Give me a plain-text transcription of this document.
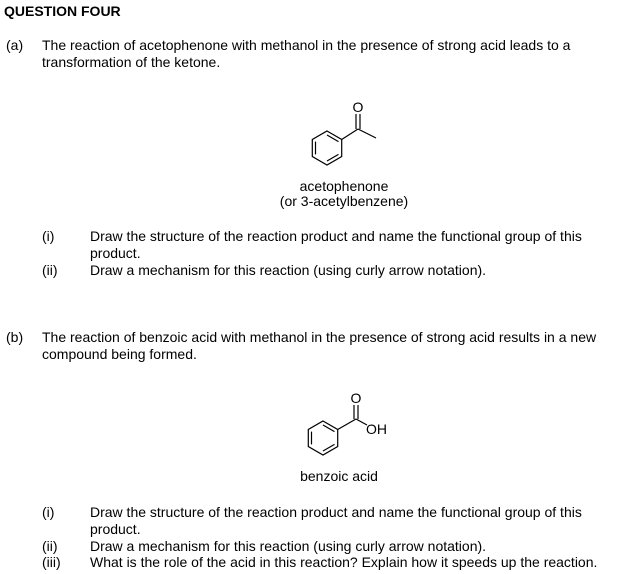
QUESTION FOUR
(a) The reaction of acetophenone with methanol in the presence of strong acid leads to a
transformation of the ketone.
O
acetophenone
(or 3-acetylbenzene)
(i)	Draw the structure of the reaction product and name the functional group of this
product.
(ii) Draw a mechanism for this reaction (using curly arrow notation).
(b) The reaction of benzoic acid with methanol in the presence of strong acid results in a new
compound being formed.
O
OH
benzoic acid
(i)	Draw the structure of the reaction product and name the functional group of this
product.
(ii) Draw a mechanism for this reaction (using curly arrow notation).
(iii) What is the role of the acid in this reaction? Explain how it speeds up the reaction.
